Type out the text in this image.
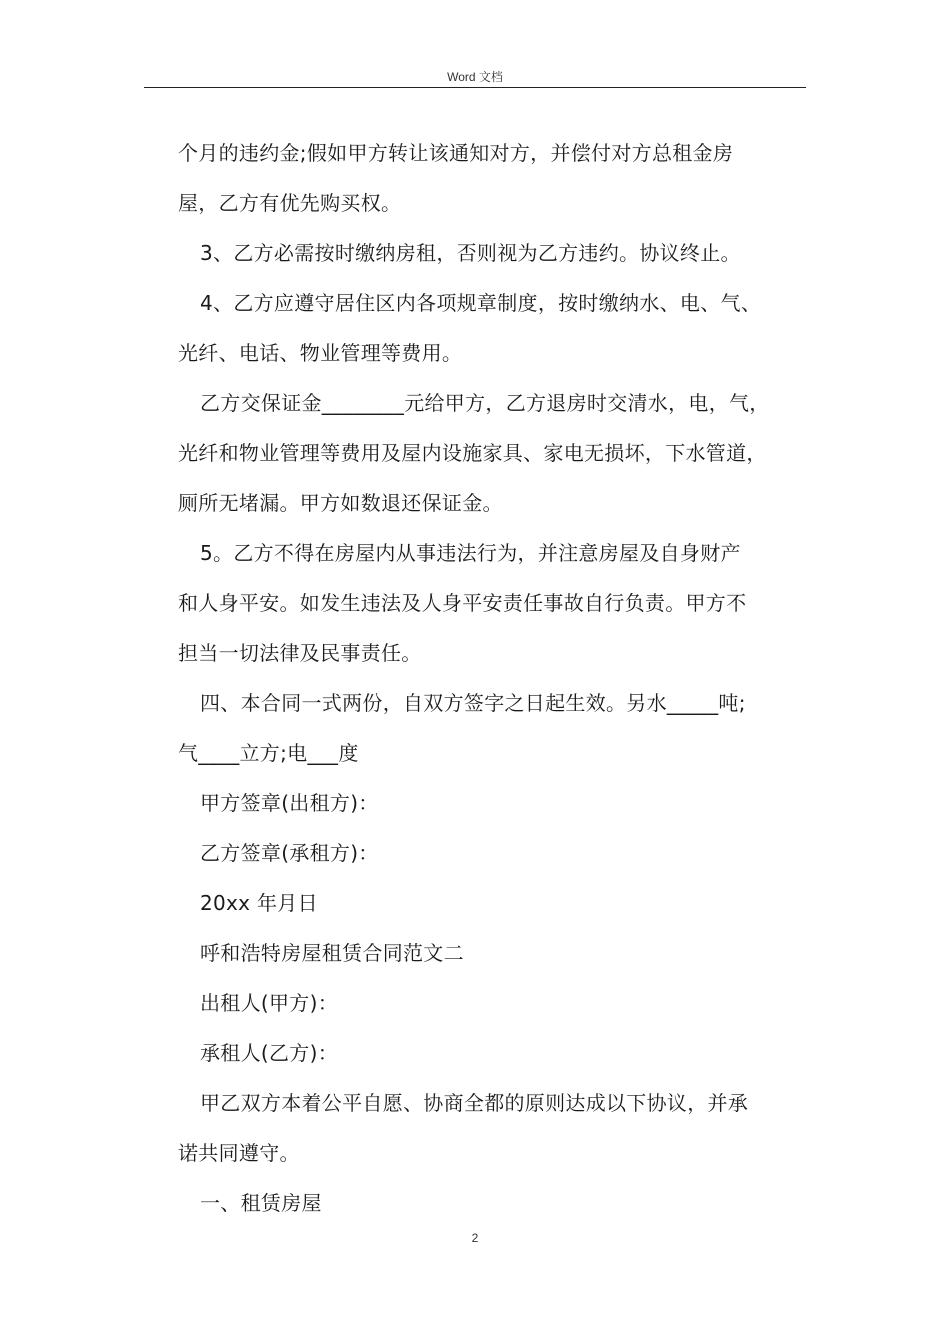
Word 文档
个月的违约金;假如甲方转让该通知对方，并偿付对方总租金房
屋，乙方有优先购买权。
3、乙方必需按时缴纳房租，否则视为乙方违约。协议终止。
4、乙方应遵守居住区内各项规章制度，按时缴纳水、电、气、
光纤、电话、物业管理等费用。
乙方交保证金________元给甲方，乙方退房时交清水，电，气，
光纤和物业管理等费用及屋内设施家具、家电无损坏，下水管道，
厕所无堵漏。甲方如数退还保证金。
5。乙方不得在房屋内从事违法行为，并注意房屋及自身财产
和人身平安。如发生违法及人身平安责任事故自行负责。甲方不
担当一切法律及民事责任。
四、本合同一式两份，自双方签字之日起生效。另水_____吨;
气____立方;电___度
甲方签章(出租方)：
乙方签章(承租方)：
20xx 年月日
呼和浩特房屋租赁合同范文二
出租人(甲方)：
承租人(乙方)：
甲乙双方本着公平自愿、协商全都的原则达成以下协议，并承
诺共同遵守。
一、租赁房屋
2
